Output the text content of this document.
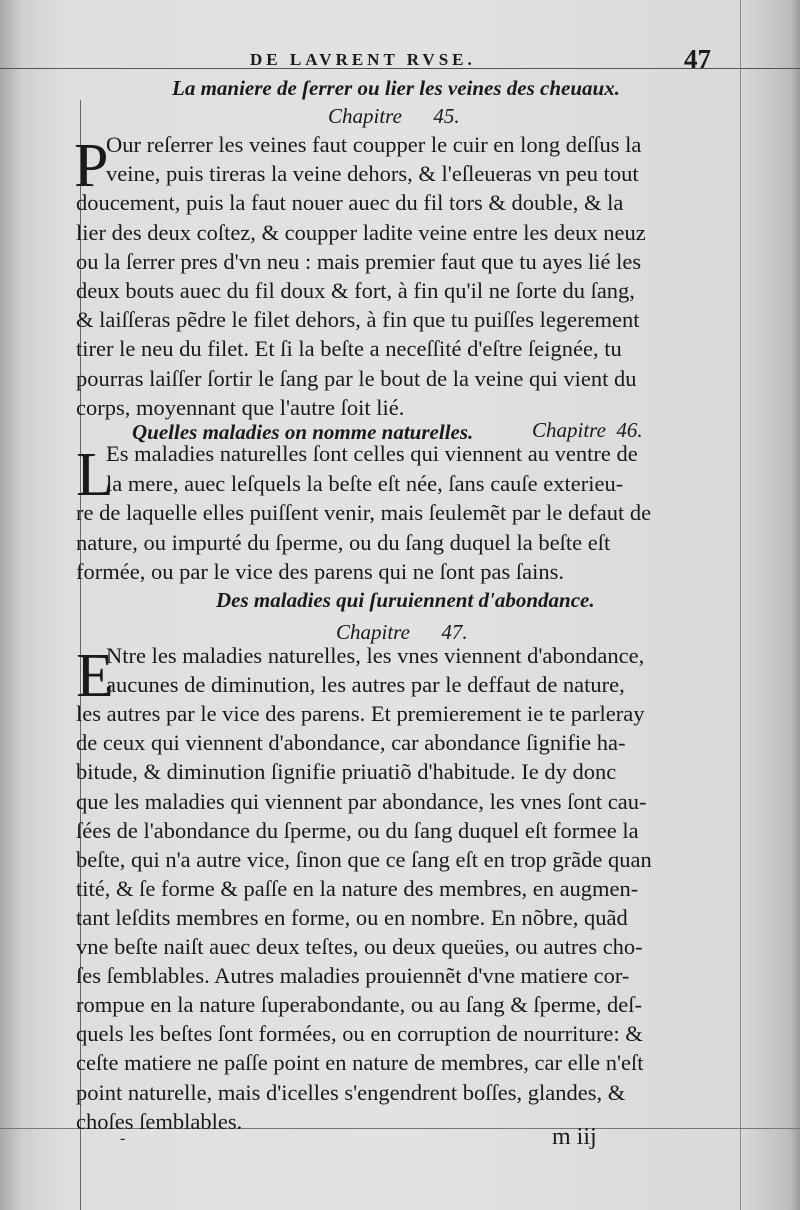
DE LAVRENT RVSE.	47
La maniere de ſerrer ou lier les veines des cheuaux.
Chapitre      45.
P
Our reſerrer les veines faut coupper le cuir en long deſſus la
veine, puis tireras la veine dehors, & l'eſleueras vn peu tout
doucement, puis la faut nouer auec du fil tors & double, & la
lier des deux coſtez, & coupper ladite veine entre les deux neuz
ou la ſerrer pres d'vn neu : mais premier faut que tu ayes lié les
deux bouts auec du fil doux & fort, à fin qu'il ne ſorte du ſang,
& laiſſeras pẽdre le filet dehors, à fin que tu puiſſes legerement
tirer le neu du filet. Et ſi la beſte a neceſſité d'eſtre ſeignée, tu
pourras laiſſer ſortir le ſang par le bout de la veine qui vient du
corps, moyennant que l'autre ſoit lié.
Quelles maladies on nomme naturelles.	Chapitre  46.
L
Es maladies naturelles ſont celles qui viennent au ventre de
la mere, auec leſquels la beſte eſt née, ſans cauſe exterieu-
re de laquelle elles puiſſent venir, mais ſeulemẽt par le defaut de
nature, ou impurté du ſperme, ou du ſang duquel la beſte eſt
formée, ou par le vice des parens qui ne ſont pas ſains.
Des maladies qui ſuruiennent d'abondance.
Chapitre      47.
E
Ntre les maladies naturelles, les vnes viennent d'abondance,
aucunes de diminution, les autres par le deffaut de nature,
les autres par le vice des parens. Et premierement ie te parleray
de ceux qui viennent d'abondance, car abondance ſignifie ha-
bitude, & diminution ſignifie priuatiõ d'habitude. Ie dy donc
que les maladies qui viennent par abondance, les vnes ſont cau-
ſées de l'abondance du ſperme, ou du ſang duquel eſt formee la
beſte, qui n'a autre vice, ſinon que ce ſang eſt en trop grãde quan
tité, & ſe forme & paſſe en la nature des membres, en augmen-
tant leſdits membres en forme, ou en nombre. En nõbre, quãd
vne beſte naiſt auec deux teſtes, ou deux queües, ou autres cho-
ſes ſemblables. Autres maladies prouiennẽt d'vne matiere cor-
rompue en la nature ſuperabondante, ou au ſang & ſperme, deſ-
quels les beſtes ſont formées, ou en corruption de nourriture: &
ceſte matiere ne paſſe point en nature de membres, car elle n'eſt
point naturelle, mais d'icelles s'engendrent boſſes, glandes, &
choſes ſemblables.
-	m iij
